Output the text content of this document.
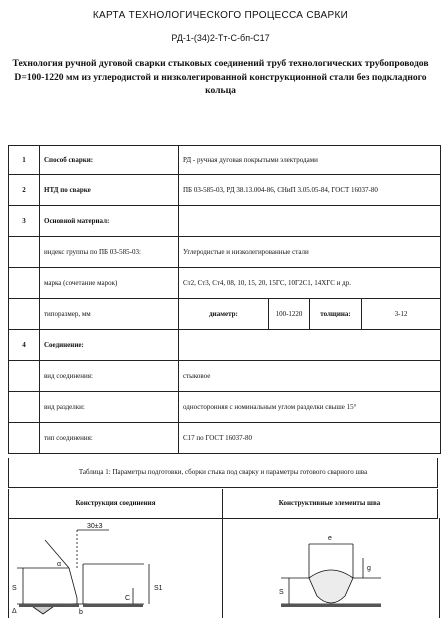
КАРТА ТЕХНОЛОГИЧЕСКОГО ПРОЦЕССА СВАРКИ
РД-1-(34)2-Тт-С-бп-С17
Технология ручной дуговой сварки стыковых соединений труб технологических трубопроводов D=100-1220 мм из углеродистой и низколегированной конструкционной стали без подкладного кольца
1	Способ сварки:	РД - ручная дуговая покрытыми электродами			
2	НТД по сварке	ПБ 03-585-03, РД 38.13.004-86, СНиП 3.05.05-84, ГОСТ 16037-80			
3	Основной материал:				
	индекс группы по ПБ 03-585-03:	Углеродистые и низколегированные стали			
	марка (сочетание марок)	Ст2, Ст3, Ст4, 08, 10, 15, 20, 15ГС, 10Г2С1, 14ХГС и др.			
	типоразмер, мм	диаметр:	100-1220	толщина:	3-12
4	Соединение:				
	вид соединения:	стыковое			
	вид разделки:	односторонняя с номинальным углом разделки свыше 15°			
	тип соединения:	С17 по ГОСТ 16037-80			
Таблица 1: Параметры подготовки, сборки стыка под сварку и параметры готового сварного шва
Конструкция соединения	Конструктивные элементы шва
30±3
S	S1
b
C
Δ
α
e
S
g
